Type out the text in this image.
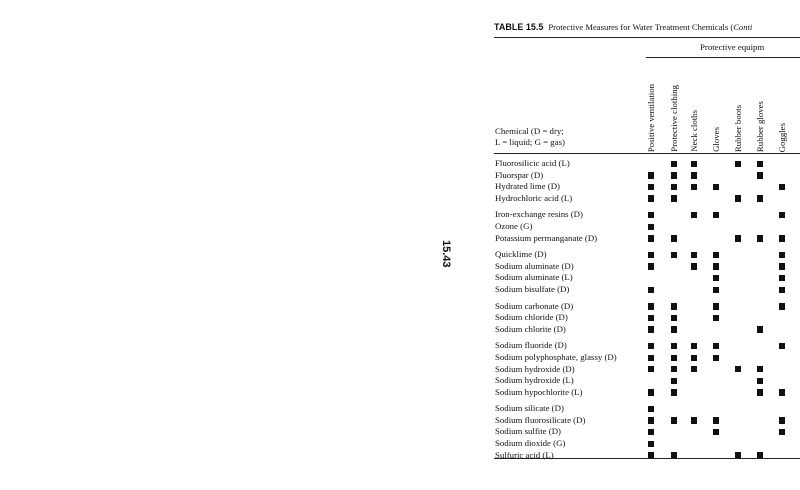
15.43
TABLE 15.5 Protective Measures for Water Treatment Chemicals (Conti
Protective equipm
Chemical (D = dry;
L = liquid; G = gas)	Positive ventilation Protective clothing Neck cloths Gloves Rubber boots Rubber gloves Goggles
Fluorosilicic acid (L)
Fluorspar (D)
Hydrated lime (D)
Hydrochloric acid (L)
Iron-exchange resins (D)
Ozone (G)
Potassium permanganate (D)
Quicklime (D)
Sodium aluminate (D)
Sodium aluminate (L)
Sodium bisulfate (D)
Sodium carbonate (D)
Sodium chloride (D)
Sodium chlorite (D)
Sodium fluoride (D)
Sodium polyphosphate, glassy (D)
Sodium hydroxide (D)
Sodium hydroxide (L)
Sodium hypochlorite (L)
Sodium silicate (D)
Sodium fluorosilicate (D)
Sodium sulfite (D)
Sodium dioxide (G)
Sulfuric acid (L)
